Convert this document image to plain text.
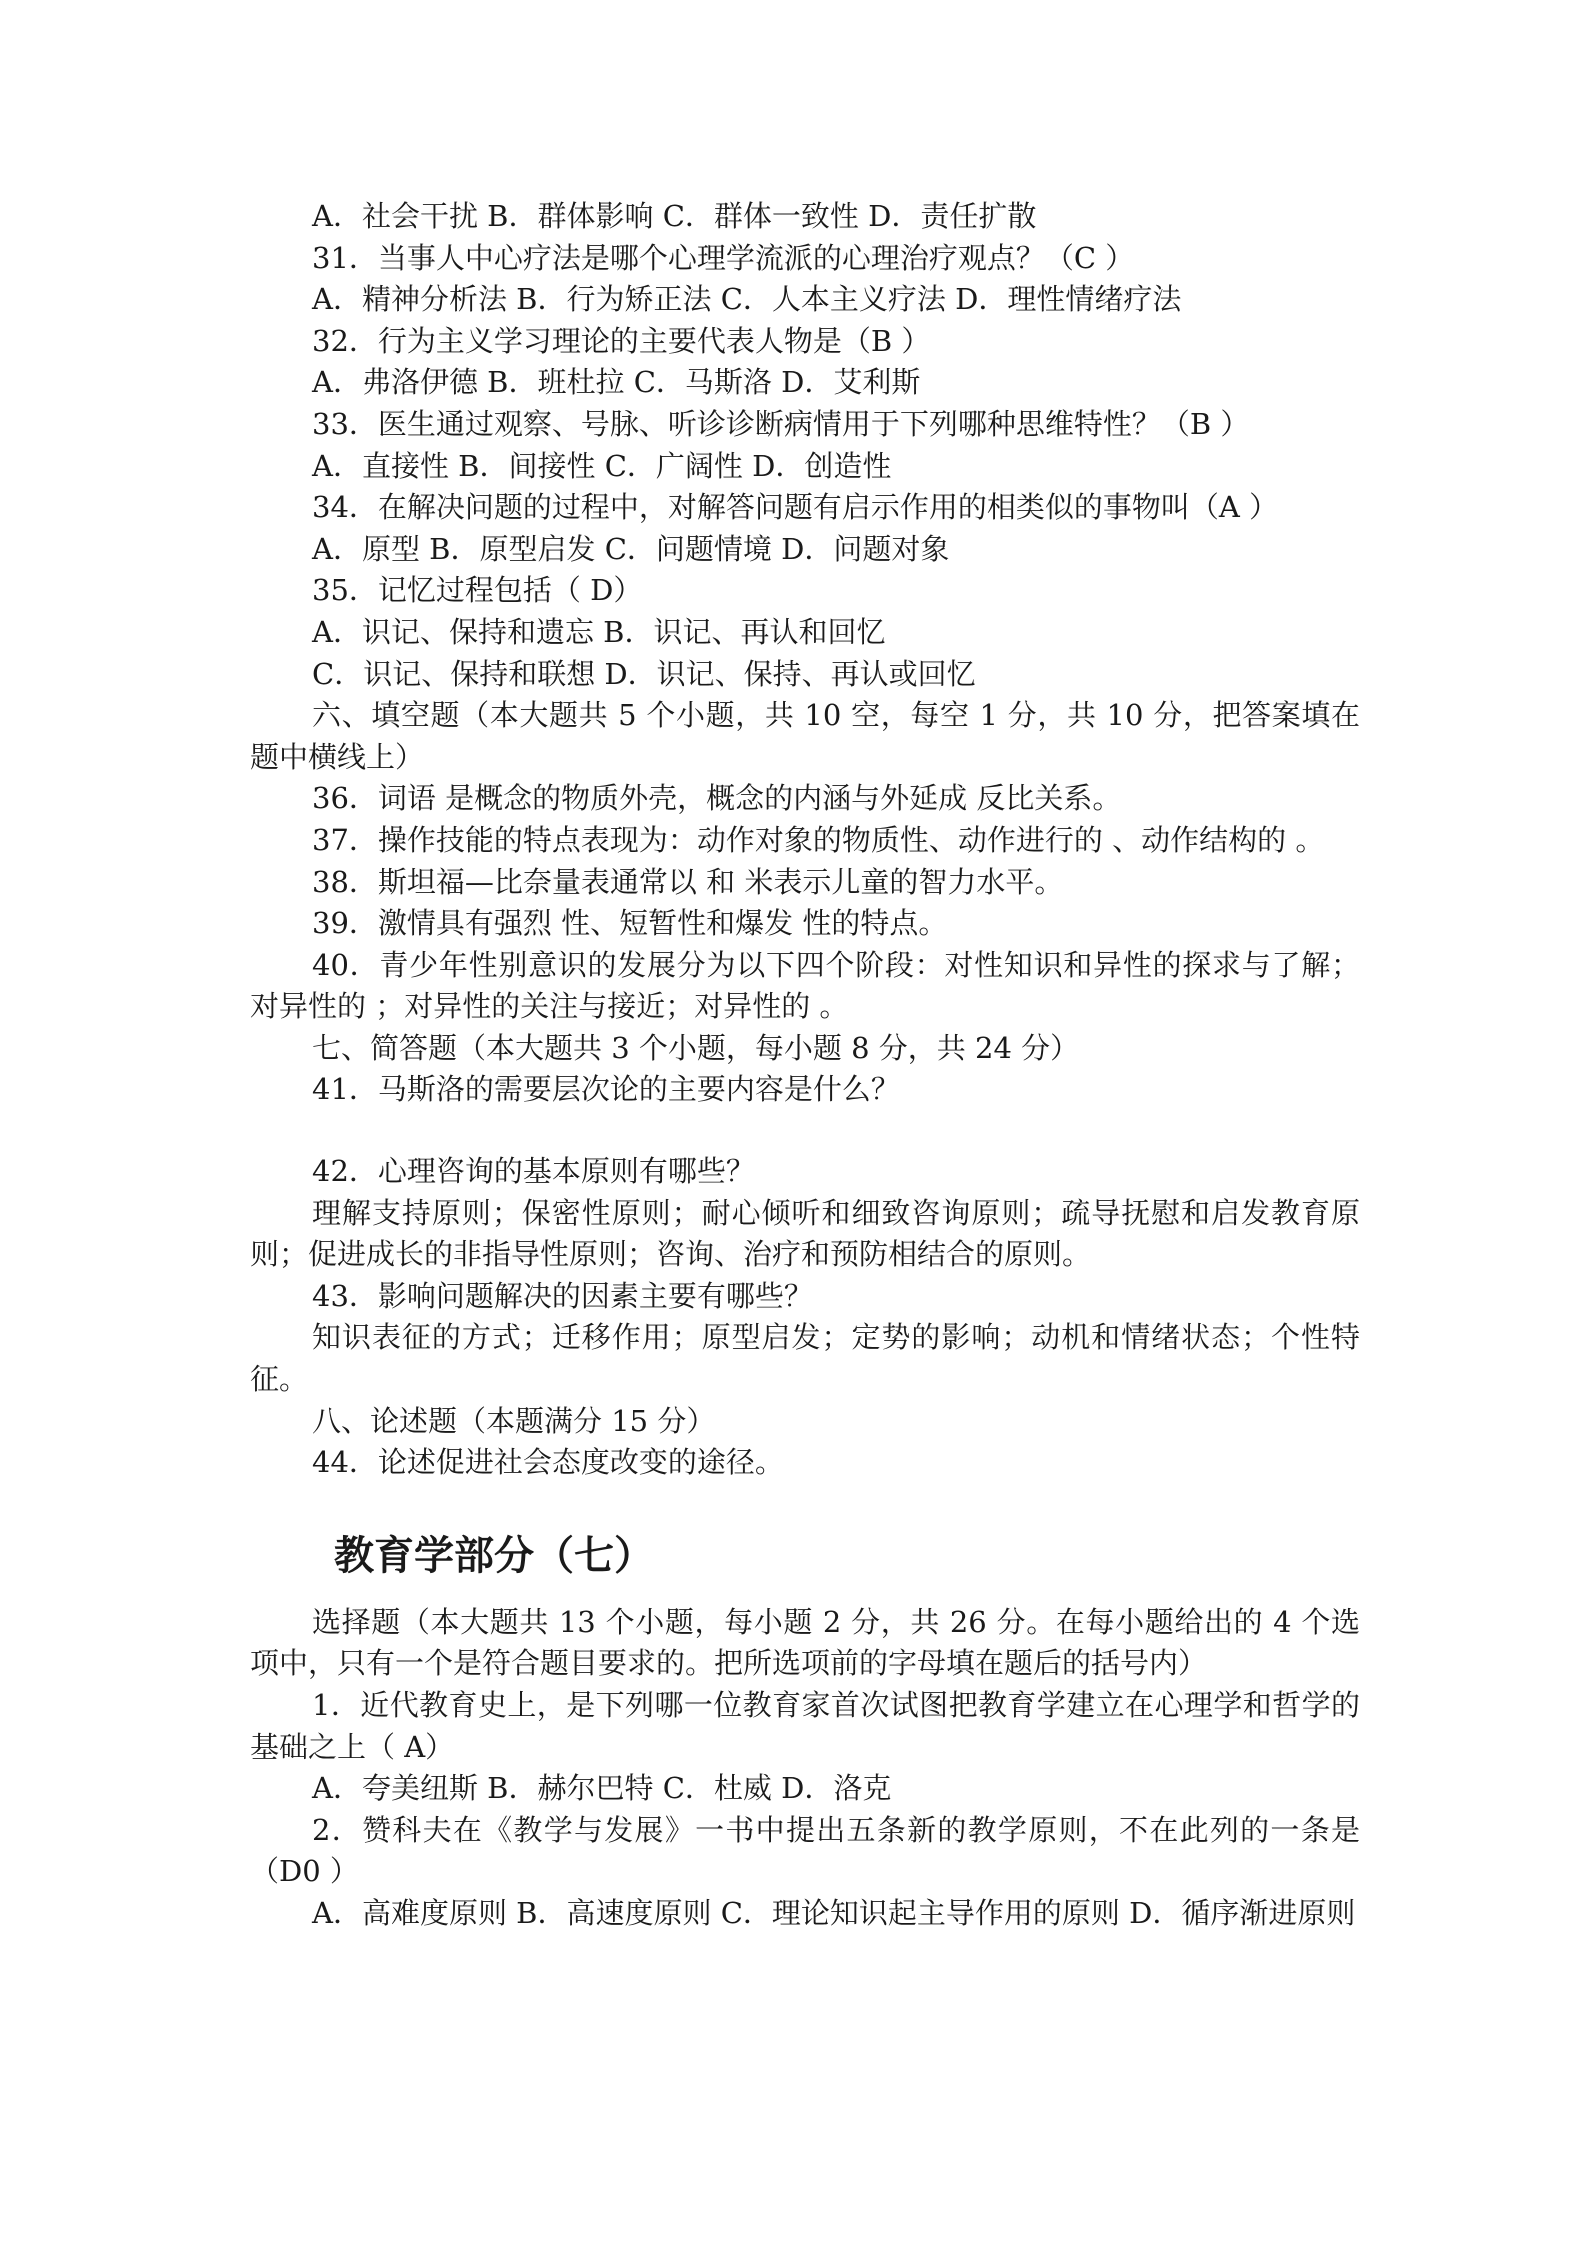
A．社会干扰 B．群体影响 C．群体一致性 D．责任扩散

31．当事人中心疗法是哪个心理学流派的心理治疗观点？（C ）

A．精神分析法 B．行为矫正法 C．人本主义疗法 D．理性情绪疗法

32．行为主义学习理论的主要代表人物是（B ）

A．弗洛伊德 B．班杜拉 C．马斯洛 D．艾利斯

33．医生通过观察、号脉、听诊诊断病情用于下列哪种思维特性？（B ）

A．直接性 B．间接性 C．广阔性 D．创造性

34．在解决问题的过程中，对解答问题有启示作用的相类似的事物叫（A ）

A．原型 B．原型启发 C．问题情境 D．问题对象

35．记忆过程包括（ D）

A．识记、保持和遗忘 B．识记、再认和回忆

C．识记、保持和联想 D．识记、保持、再认或回忆

六、填空题（本大题共 5 个小题，共 10 空，每空 1 分，共 10 分，把答案填在题中横线上）

36．词语 是概念的物质外壳，概念的内涵与外延成 反比关系。

37．操作技能的特点表现为：动作对象的物质性、动作进行的 、动作结构的 。

38．斯坦福—比奈量表通常以 和 米表示儿童的智力水平。

39．激情具有强烈 性、短暂性和爆发 性的特点。

40．青少年性别意识的发展分为以下四个阶段：对性知识和异性的探求与了解；对异性的 ；对异性的关注与接近；对异性的 。

七、简答题（本大题共 3 个小题，每小题 8 分，共 24 分）

41．马斯洛的需要层次论的主要内容是什么？

42．心理咨询的基本原则有哪些？

理解支持原则；保密性原则；耐心倾听和细致咨询原则；疏导抚慰和启发教育原则；促进成长的非指导性原则；咨询、治疗和预防相结合的原则。

43．影响问题解决的因素主要有哪些？

知识表征的方式；迁移作用；原型启发；定势的影响；动机和情绪状态；个性特征。

八、论述题（本题满分 15 分）

44．论述促进社会态度改变的途径。

教育学部分（七）

选择题（本大题共 13 个小题，每小题 2 分，共 26 分。在每小题给出的 4 个选项中，只有一个是符合题目要求的。把所选项前的字母填在题后的括号内）

1．近代教育史上，是下列哪一位教育家首次试图把教育学建立在心理学和哲学的基础之上（ A）

A．夸美纽斯 B．赫尔巴特 C．杜威 D．洛克

2．赞科夫在《教学与发展》一书中提出五条新的教学原则，不在此列的一条是（D0 ）

A．高难度原则 B．高速度原则 C．理论知识起主导作用的原则 D．循序渐进原则
